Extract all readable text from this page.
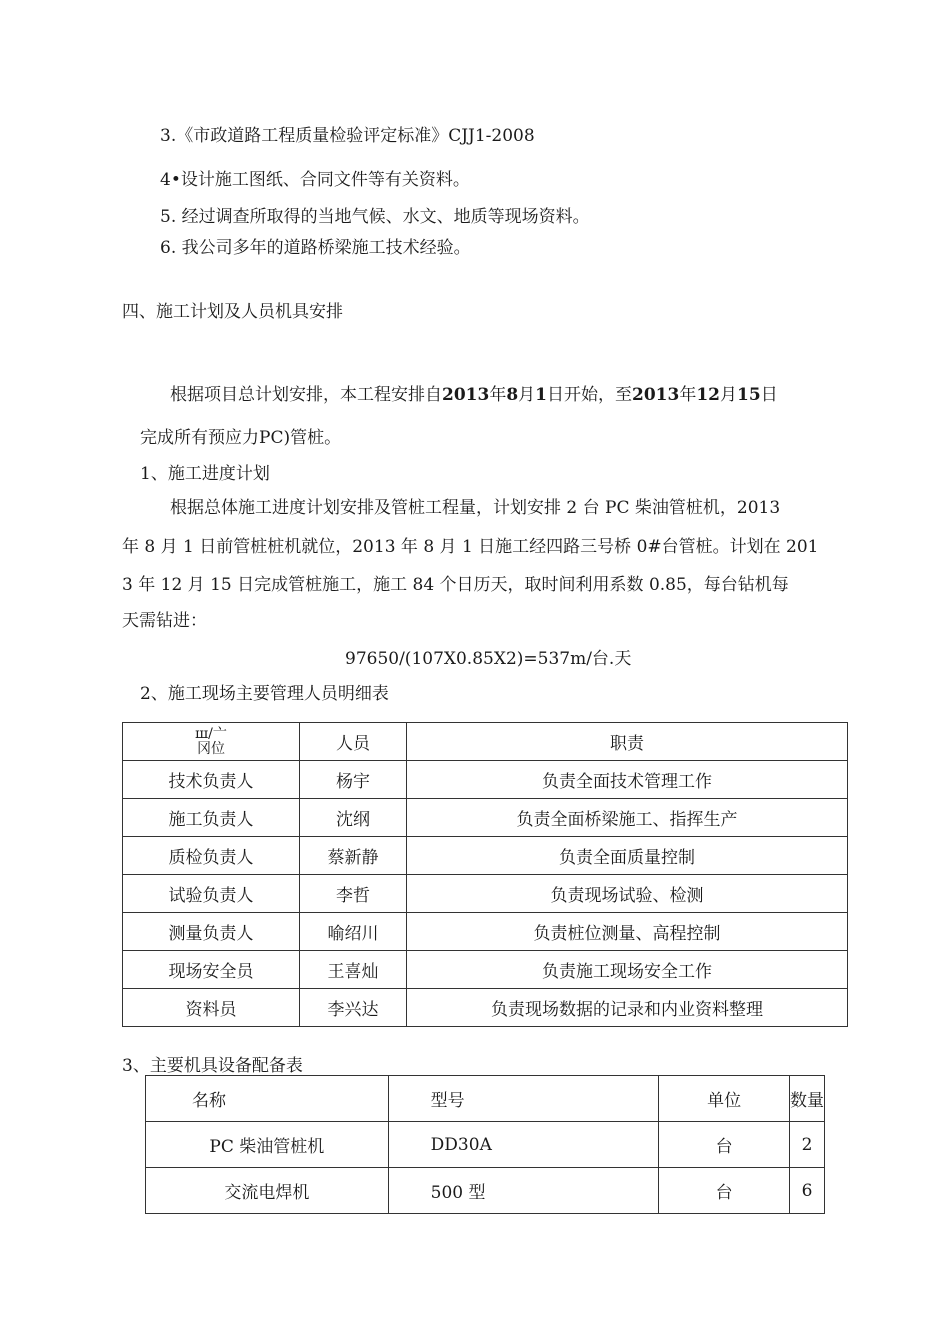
3.《市政道路工程质量检验评定标准》CJJ1-2008
4•设计施工图纸、合同文件等有关资料。
5. 经过调查所取得的当地气候、水文、地质等现场资料。
6. 我公司多年的道路桥梁施工技术经验。
四、施工计划及人员机具安排
根据项目总计划安排，本工程安排自2013年8月1日开始，至2013年12月15日
完成所有预应力PC)管桩。
1、施工进度计划
根据总体施工进度计划安排及管桩工程量，计划安排 2 台 PC 柴油管桩机，2013
年 8 月 1 日前管桩桩机就位，2013 年 8 月 1 日施工经四路三号桥 0#台管桩。计划在 201
3 年 12 月 15 日完成管桩施工，施工 84 个日历天，取时间利用系数 0.85，每台钻机每
天需钻进：
97650/(107X0.85X2)=537m/台.天
2、施工现场主要管理人员明细表
ш/亠
冈位	人员	职责
技术负责人	杨宇	负责全面技术管理工作
施工负责人	沈纲	负责全面桥梁施工、指挥生产
质检负责人	蔡新静	负责全面质量控制
试验负责人	李哲	负责现场试验、检测
测量负责人	喻绍川	负责桩位测量、高程控制
现场安全员	王喜灿	负责施工现场安全工作
资料员	李兴达	负责现场数据的记录和内业资料整理
3、主要机具设备配备表
名称	型号	单位	数量
PC 柴油管桩机	DD30A	台	2
交流电焊机	500 型	台	6
